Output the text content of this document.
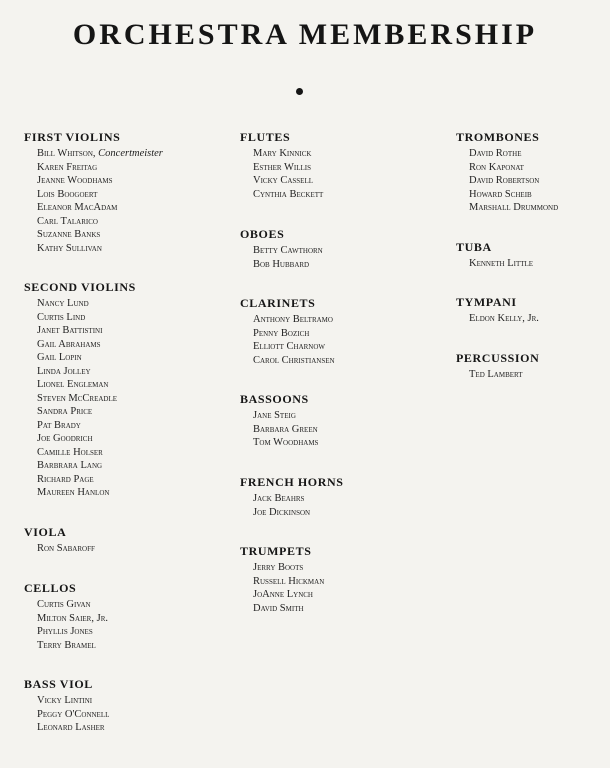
ORCHESTRA MEMBERSHIP
FIRST VIOLINS
Bill Whitson, Concertmeister
Karen Freitag
Jeanne Woodhams
Lois Boogoert
Eleanor MacAdam
Carl Talarico
Suzanne Banks
Kathy Sullivan
SECOND VIOLINS
Nancy Lund
Curtis Lind
Janet Battistini
Gail Abrahams
Gail Lopin
Linda Jolley
Lionel Engleman
Steven McCreadle
Sandra Price
Pat Brady
Joe Goodrich
Camille Holser
Barbrara Lang
Richard Page
Maureen Hanlon
VIOLA
Ron Sabaroff
CELLOS
Curtis Givan
Milton Saier, Jr.
Phyllis Jones
Terry Bramel
BASS VIOL
Vicky Lintini
Peggy O'Connell
Leonard Lasher
FLUTES
Mary Kinnick
Esther Willis
Vicky Cassell
Cynthia Beckett
OBOES
Betty Cawthorn
Bob Hubbard
CLARINETS
Anthony Beltramo
Penny Bozich
Elliott Charnow
Carol Christiansen
BASSOONS
Jane Steig
Barbara Green
Tom Woodhams
FRENCH HORNS
Jack Beahrs
Joe Dickinson
TRUMPETS
Jerry Boots
Russell Hickman
JoAnne Lynch
David Smith
TROMBONES
David Rothe
Ron Kaponat
David Robertson
Howard Scheib
Marshall Drummond
TUBA
Kenneth Little
TYMPANI
Eldon Kelly, Jr.
PERCUSSION
Ted Lambert
